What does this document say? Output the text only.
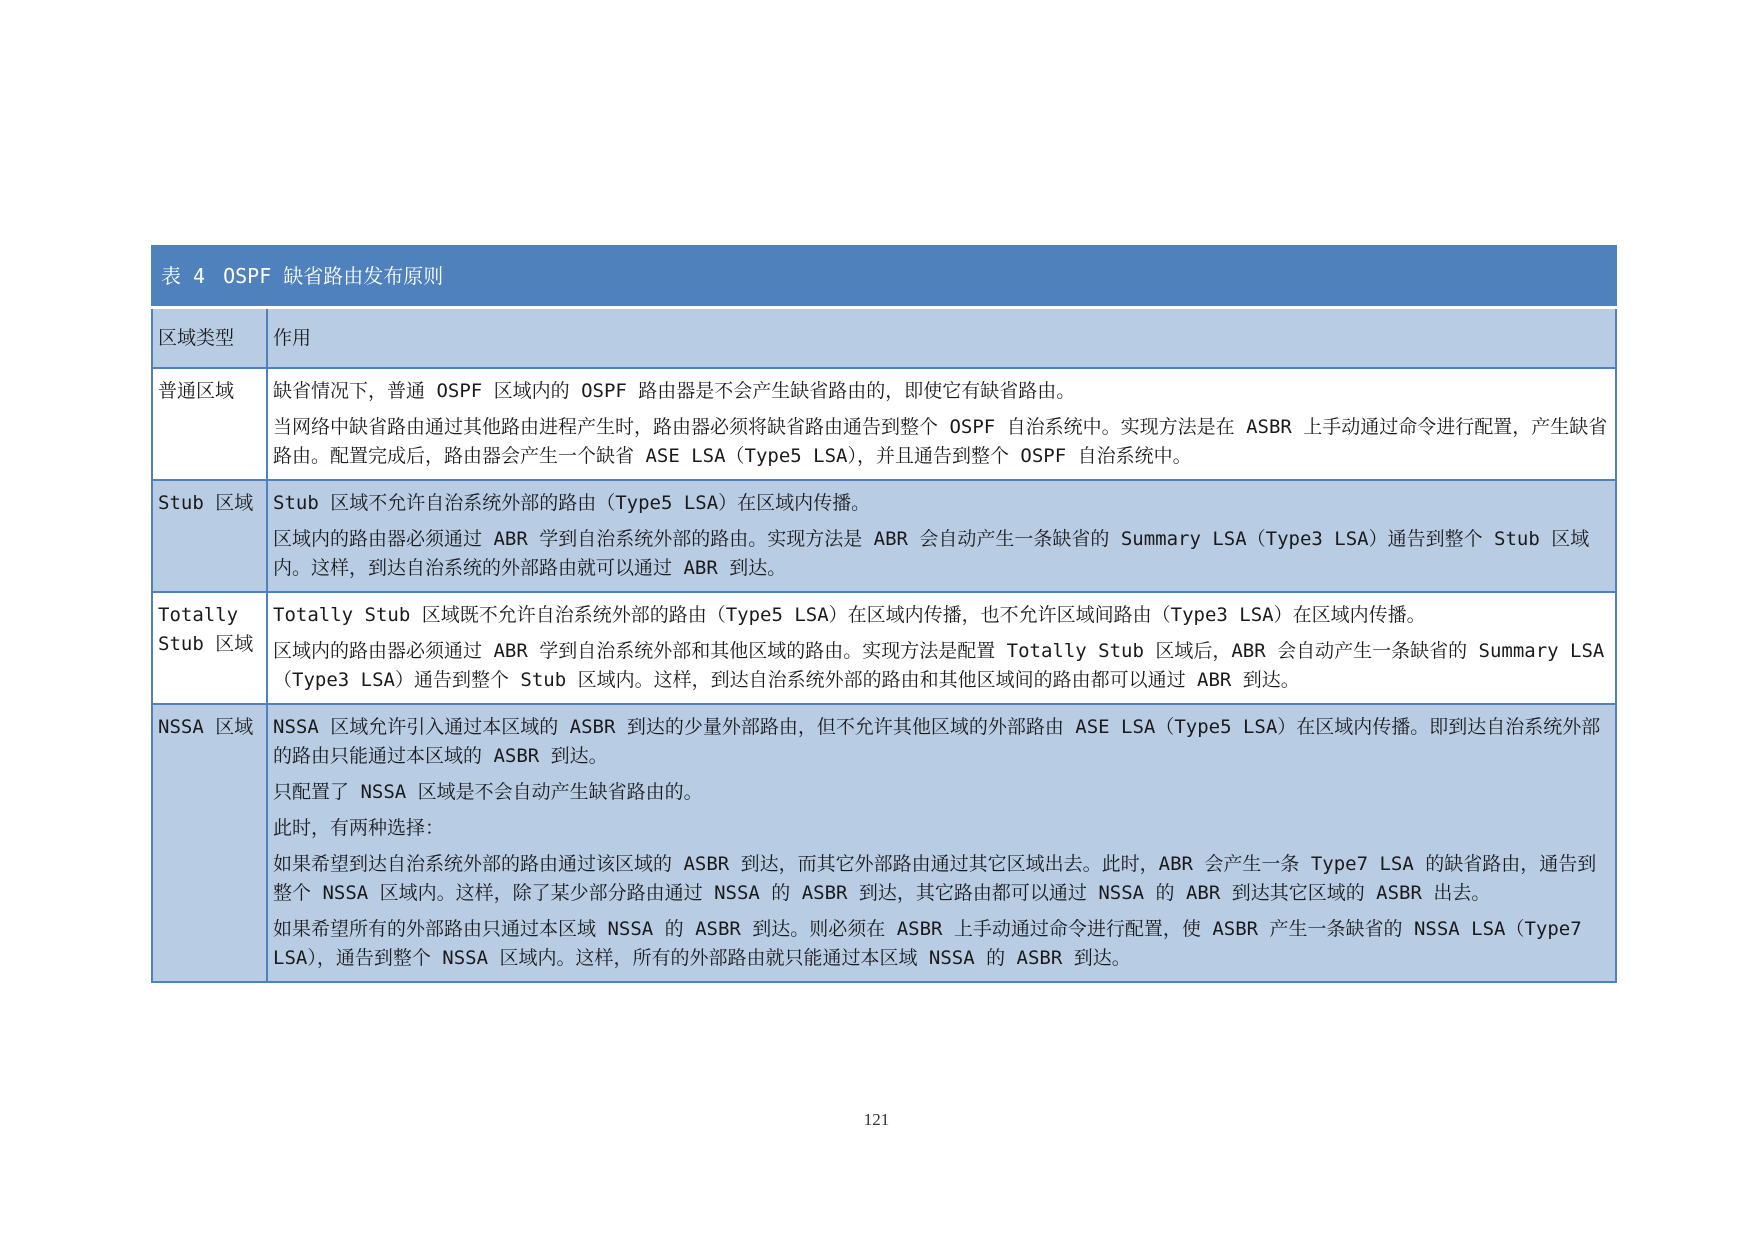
表 4 OSPF 缺省路由发布原则	
区域类型	作用
普通区域	缺省情况下，普通 OSPF 区域内的 OSPF 路由器是不会产生缺省路由的，即使它有缺省路由。

当网络中缺省路由通过其他路由进程产生时，路由器必须将缺省路由通告到整个 OSPF 自治系统中。实现方法是在 ASBR 上手动通过命令进行配置，产生缺省路由。配置完成后，路由器会产生一个缺省 ASE LSA（Type5 LSA），并且通告到整个 OSPF 自治系统中。

Stub 区域	Stub 区域不允许自治系统外部的路由（Type5 LSA）在区域内传播。

区域内的路由器必须通过 ABR 学到自治系统外部的路由。实现方法是 ABR 会自动产生一条缺省的 Summary LSA（Type3 LSA）通告到整个 Stub 区域内。这样，到达自治系统的外部路由就可以通过 ABR 到达。

Totally Stub 区域	Totally Stub 区域既不允许自治系统外部的路由（Type5 LSA）在区域内传播，也不允许区域间路由（Type3 LSA）在区域内传播。

区域内的路由器必须通过 ABR 学到自治系统外部和其他区域的路由。实现方法是配置 Totally Stub 区域后，ABR 会自动产生一条缺省的 Summary LSA（Type3 LSA）通告到整个 Stub 区域内。这样，到达自治系统外部的路由和其他区域间的路由都可以通过 ABR 到达。

NSSA 区域	NSSA 区域允许引入通过本区域的 ASBR 到达的少量外部路由，但不允许其他区域的外部路由 ASE LSA（Type5 LSA）在区域内传播。即到达自治系统外部的路由只能通过本区域的 ASBR 到达。

只配置了 NSSA 区域是不会自动产生缺省路由的。

此时，有两种选择：

如果希望到达自治系统外部的路由通过该区域的 ASBR 到达，而其它外部路由通过其它区域出去。此时，ABR 会产生一条 Type7 LSA 的缺省路由，通告到整个 NSSA 区域内。这样，除了某少部分路由通过 NSSA 的 ASBR 到达，其它路由都可以通过 NSSA 的 ABR 到达其它区域的 ASBR 出去。

如果希望所有的外部路由只通过本区域 NSSA 的 ASBR 到达。则必须在 ASBR 上手动通过命令进行配置，使 ASBR 产生一条缺省的 NSSA LSA（Type7 LSA），通告到整个 NSSA 区域内。这样，所有的外部路由就只能通过本区域 NSSA 的 ASBR 到达。

121
